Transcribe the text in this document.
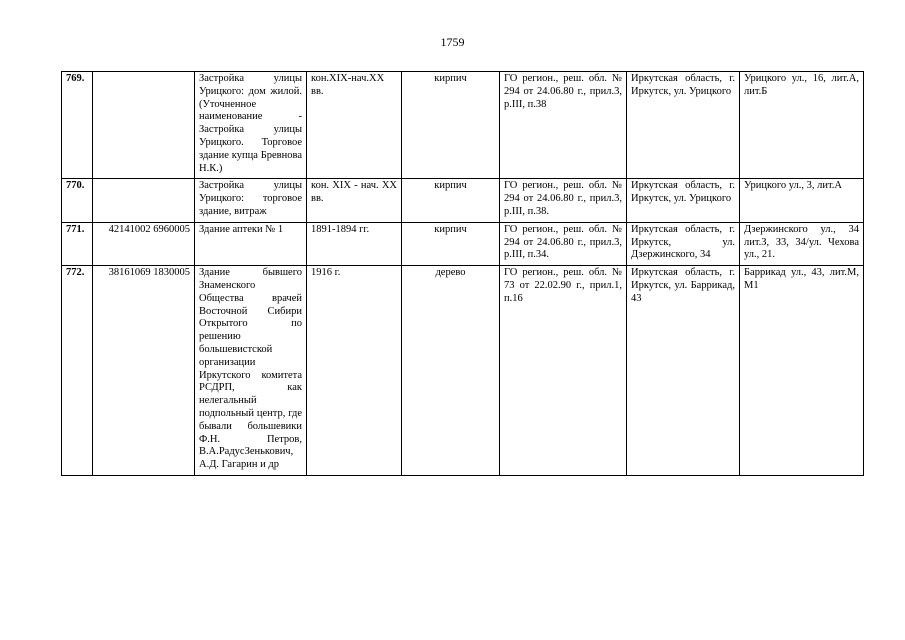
1759
769.		Застройка улицы Урицкого: дом жилой.(Уточненное наименование - Застройка улицы Урицкого. Торговое здание купца Бревнова Н.К.)	кон.XIX-нач.XX вв.	кирпич	ГО регион., реш. обл. № 294 от 24.06.80 г., прил.3, р.III, п.38	Иркутская область, г. Иркутск, ул. Урицкого	Урицкого ул., 16, лит.А, лит.Б
770.		Застройка улицы Урицкого: торговое здание, витраж	кон. XIX - нач. XX вв.	кирпич	ГО регион., реш. обл. № 294 от 24.06.80 г., прил.3, р.III, п.38.	Иркутская область, г. Иркутск, ул. Урицкого	Урицкого ул., 3, лит.А
771.	42141002 6960005	Здание аптеки № 1	1891-1894 гг.	кирпич	ГО регион., реш. обл. № 294 от 24.06.80 г., прил.3, р.III, п.34.	Иркутская область, г. Иркутск, ул. Дзержинского, 34	Дзержинского ул., 34 лит.З, З3, 34/ул. Чехова ул., 21.
772.	38161069 1830005	Здание бывшего Знаменского Общества врачей Восточной Сибири Открытого по решению большевистской организации Иркутского комитета РСДРП, как нелегальный подпольный центр, где бывали большевики Ф.Н. Петров, В.А.РадусЗенькович, А.Д. Гагарин и др	1916 г.	дерево	ГО регион., реш. обл. № 73 от 22.02.90 г., прил.1, п.16	Иркутская область, г. Иркутск, ул. Баррикад, 43	Баррикад ул., 43, лит.М, М1
